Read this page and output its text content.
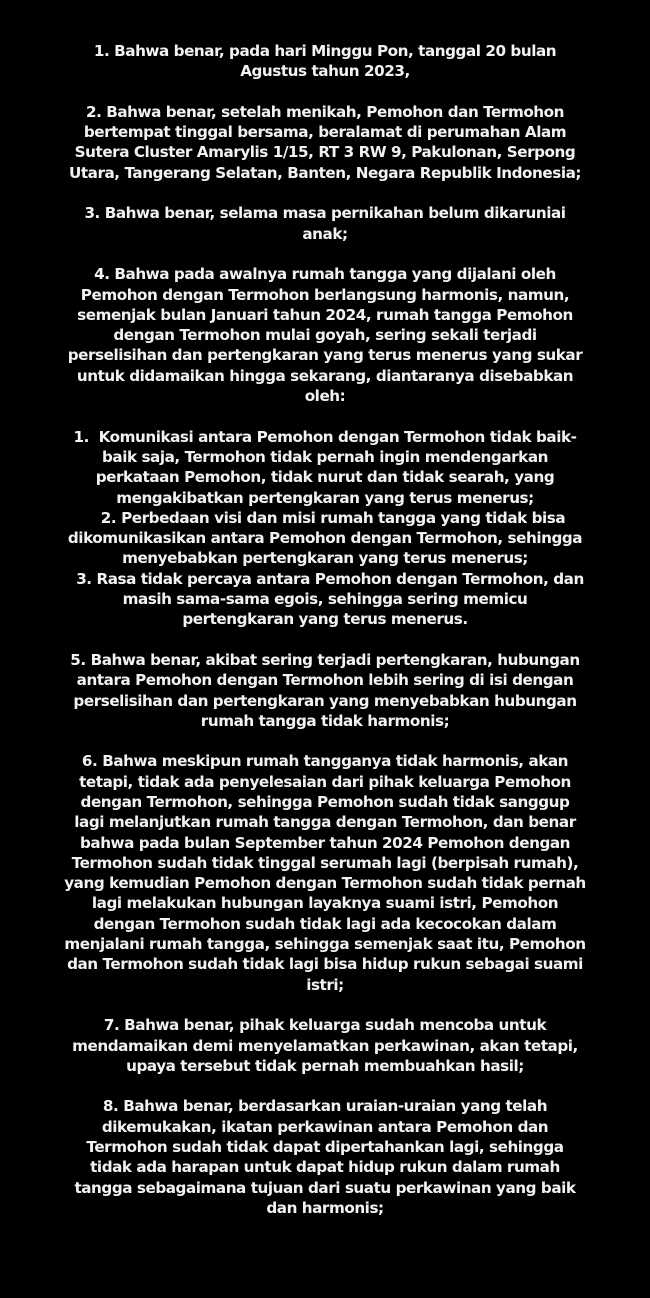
1. Bahwa benar, pada hari Minggu Pon, tanggal 20 bulan
Agustus tahun 2023,
2. Bahwa benar, setelah menikah, Pemohon dan Termohon
bertempat tinggal bersama, beralamat di perumahan Alam
Sutera Cluster Amarylis 1/15, RT 3 RW 9, Pakulonan, Serpong
Utara, Tangerang Selatan, Banten, Negara Republik Indonesia;
3. Bahwa benar, selama masa pernikahan belum dikaruniai
anak;
4. Bahwa pada awalnya rumah tangga yang dijalani oleh
Pemohon dengan Termohon berlangsung harmonis, namun,
semenjak bulan Januari tahun 2024, rumah tangga Pemohon
dengan Termohon mulai goyah, sering sekali terjadi
perselisihan dan pertengkaran yang terus menerus yang sukar
untuk didamaikan hingga sekarang, diantaranya disebabkan
oleh:
1.  Komunikasi antara Pemohon dengan Termohon tidak baik-
baik saja, Termohon tidak pernah ingin mendengarkan
perkataan Pemohon, tidak nurut dan tidak searah, yang
mengakibatkan pertengkaran yang terus menerus;
2. Perbedaan visi dan misi rumah tangga yang tidak bisa
dikomunikasikan antara Pemohon dengan Termohon, sehingga
menyebabkan pertengkaran yang terus menerus;
3. Rasa tidak percaya antara Pemohon dengan Termohon, dan
masih sama-sama egois, sehingga sering memicu
pertengkaran yang terus menerus.
5. Bahwa benar, akibat sering terjadi pertengkaran, hubungan
antara Pemohon dengan Termohon lebih sering di isi dengan
perselisihan dan pertengkaran yang menyebabkan hubungan
rumah tangga tidak harmonis;
6. Bahwa meskipun rumah tangganya tidak harmonis, akan
tetapi, tidak ada penyelesaian dari pihak keluarga Pemohon
dengan Termohon, sehingga Pemohon sudah tidak sanggup
lagi melanjutkan rumah tangga dengan Termohon, dan benar
bahwa pada bulan September tahun 2024 Pemohon dengan
Termohon sudah tidak tinggal serumah lagi (berpisah rumah),
yang kemudian Pemohon dengan Termohon sudah tidak pernah
lagi melakukan hubungan layaknya suami istri, Pemohon
dengan Termohon sudah tidak lagi ada kecocokan dalam
menjalani rumah tangga, sehingga semenjak saat itu, Pemohon
dan Termohon sudah tidak lagi bisa hidup rukun sebagai suami
istri;
7. Bahwa benar, pihak keluarga sudah mencoba untuk
mendamaikan demi menyelamatkan perkawinan, akan tetapi,
upaya tersebut tidak pernah membuahkan hasil;
8. Bahwa benar, berdasarkan uraian-uraian yang telah
dikemukakan, ikatan perkawinan antara Pemohon dan
Termohon sudah tidak dapat dipertahankan lagi, sehingga
tidak ada harapan untuk dapat hidup rukun dalam rumah
tangga sebagaimana tujuan dari suatu perkawinan yang baik
dan harmonis;
